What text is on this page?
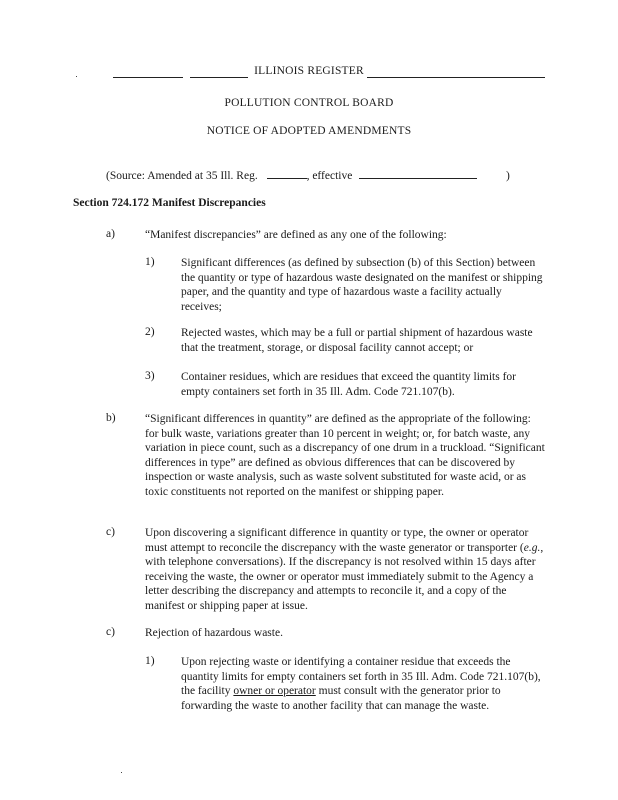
ILLINOIS REGISTER
POLLUTION CONTROL BOARD
NOTICE OF ADOPTED AMENDMENTS
(Source: Amended at 35 Ill. Reg.	, effective	)
Section 724.172 Manifest Discrepancies
a)	“Manifest discrepancies” are defined as any one of the following:
1) Significant differences (as defined by subsection (b) of this Section) between the quantity or type of hazardous waste designated on the manifest or shipping paper, and the quantity and type of hazardous waste a facility actually receives;
2) Rejected wastes, which may be a full or partial shipment of hazardous waste that the treatment, storage, or disposal facility cannot accept; or
3) Container residues, which are residues that exceed the quantity limits for empty containers set forth in 35 Ill. Adm. Code 721.107(b).
b)	“Significant differences in quantity” are defined as the appropriate of the following: for bulk waste, variations greater than 10 percent in weight; or, for batch waste, any variation in piece count, such as a discrepancy of one drum in a truckload. “Significant differences in type” are defined as obvious differences that can be discovered by inspection or waste analysis, such as waste solvent substituted for waste acid, or as toxic constituents not reported on the manifest or shipping paper.
c)	Upon discovering a significant difference in quantity or type, the owner or operator must attempt to reconcile the discrepancy with the waste generator or transporter (e.g., with telephone conversations). If the discrepancy is not resolved within 15 days after receiving the waste, the owner or operator must immediately submit to the Agency a letter describing the discrepancy and attempts to reconcile it, and a copy of the manifest or shipping paper at issue.
c)	Rejection of hazardous waste.
1) Upon rejecting waste or identifying a container residue that exceeds the quantity limits for empty containers set forth in 35 Ill. Adm. Code 721.107(b), the facility owner or operator must consult with the generator prior to forwarding the waste to another facility that can manage the waste.
